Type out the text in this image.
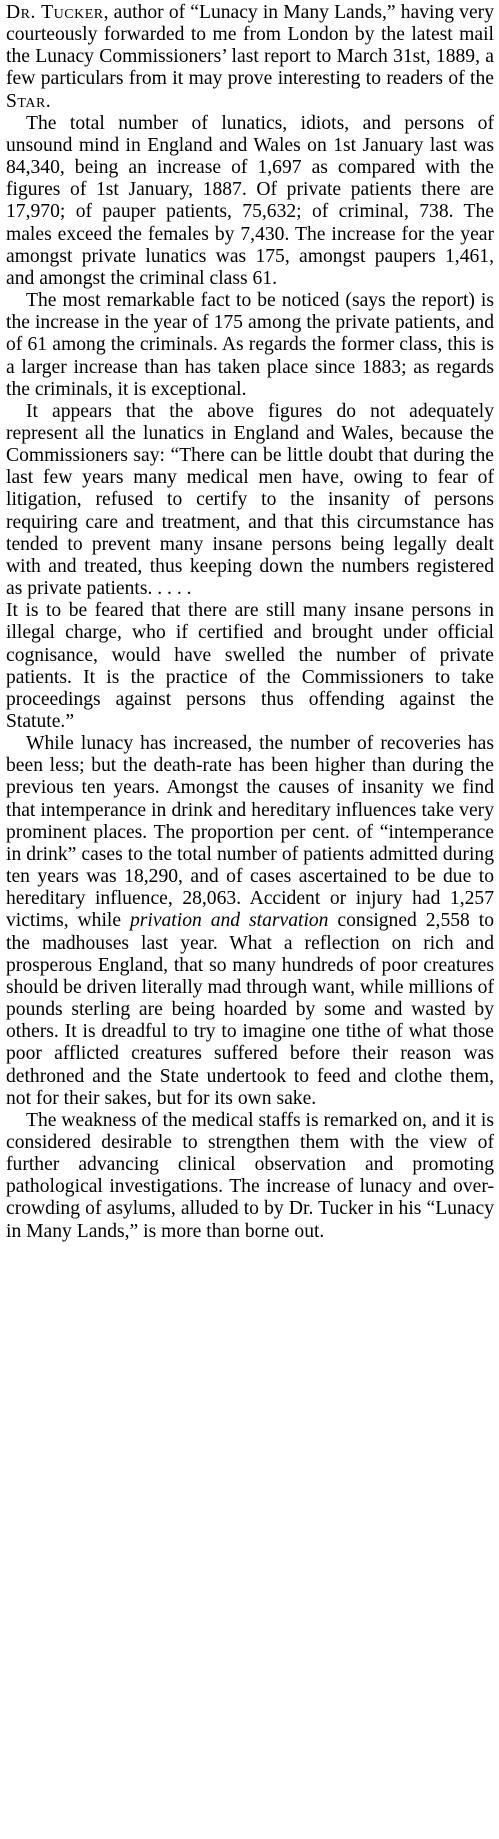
Dr. Tucker, author of “Lunacy in Many Lands,” having very courteously forwarded to me from London by the latest mail the Lunacy Commissioners’ last report to March 31st, 1889, a few particulars from it may prove interesting to readers of the Star.

The total number of lunatics, idiots, and persons of unsound mind in England and Wales on 1st January last was 84,340, being an increase of 1,697 as compared with the figures of 1st January, 1887. Of private patients there are 17,970; of pauper patients, 75,632; of criminal, 738. The males exceed the females by 7,430. The increase for the year amongst private lunatics was 175, amongst paupers 1,461, and amongst the criminal class 61.

The most remarkable fact to be noticed (says the report) is the increase in the year of 175 among the private patients, and of 61 among the criminals. As regards the former class, this is a larger increase than has taken place since 1883; as regards the criminals, it is exceptional.

It appears that the above figures do not adequately represent all the lunatics in England and Wales, because the Commissioners say: “There can be little doubt that during the last few years many medical men have, owing to fear of litigation, refused to certify to the insanity of persons requiring care and treatment, and that this circumstance has tended to prevent many insane persons being legally dealt with and treated, thus keeping down the numbers registered as private patients. . . . .

It is to be feared that there are still many insane persons in illegal charge, who if certified and brought under official cognisance, would have swelled the number of private patients. It is the practice of the Commissioners to take proceedings against persons thus offending against the Statute.”

While lunacy has increased, the number of recoveries has been less; but the death-rate has been higher than during the previous ten years. Amongst the causes of insanity we find that intemperance in drink and hereditary influences take very prominent places. The proportion per cent. of “intemperance in drink” cases to the total number of patients admitted during ten years was 18,290, and of cases ascertained to be due to hereditary influence, 28,063. Accident or injury had 1,257 victims, while privation and starvation consigned 2,558 to the madhouses last year. What a reflection on rich and prosperous England, that so many hundreds of poor creatures should be driven literally mad through want, while millions of pounds sterling are being hoarded by some and wasted by others. It is dreadful to try to imagine one tithe of what those poor afflicted creatures suffered before their reason was dethroned and the State undertook to feed and clothe them, not for their sakes, but for its own sake.

The weakness of the medical staffs is remarked on, and it is considered desirable to strengthen them with the view of further advancing clinical observation and promoting pathological investigations. The increase of lunacy and over-crowding of asylums, alluded to by Dr. Tucker in his “Lunacy in Many Lands,” is more than borne out.
